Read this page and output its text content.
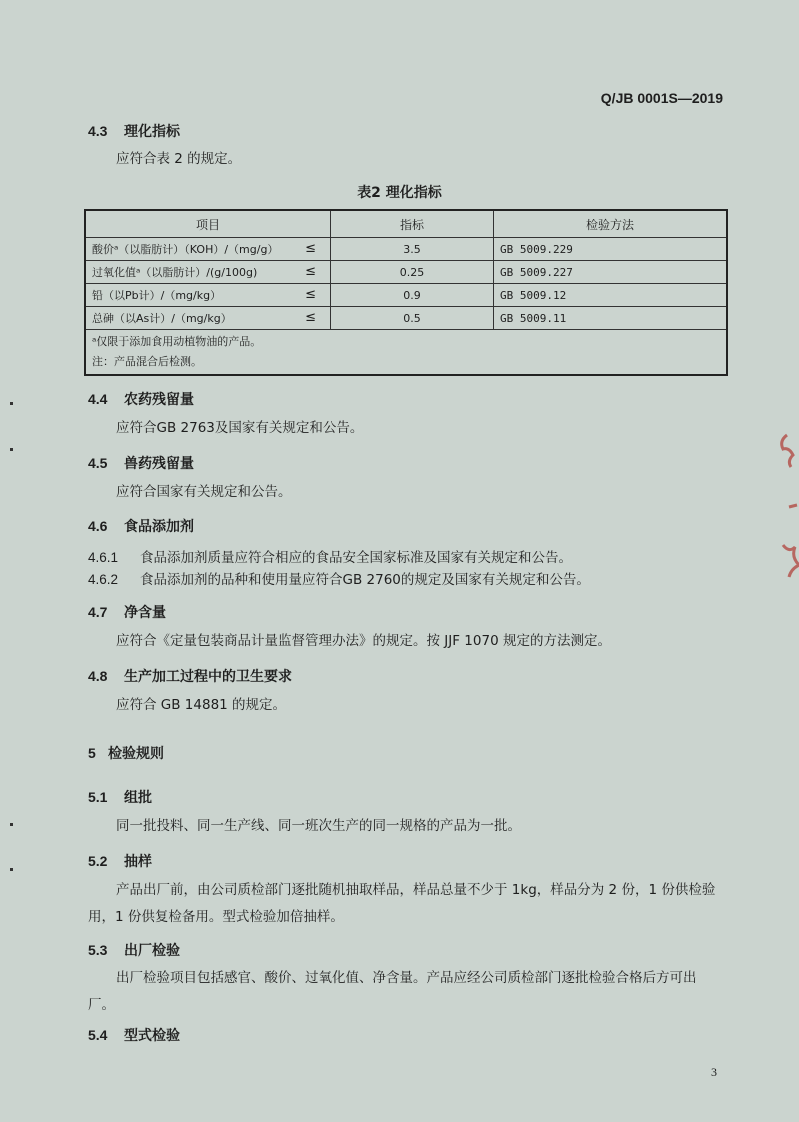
Q/JB 0001S—2019
4.3 理化指标
应符合表 2 的规定。
表2 理化指标
项目	指标	检验方法
酸价ᵃ（以脂肪计）（KOH）/（mg/g） ≤	3.5	GB 5009.229
过氧化值ᵃ（以脂肪计）/(g/100g) ≤	0.25	GB 5009.227
铅（以Pb计）/（mg/kg） ≤	0.9	GB 5009.12
总砷（以As计）/（mg/kg） ≤	0.5	GB 5009.11

ᵃ仅限于添加食用动植物油的产品。
注：产品混合后检测。		
4.4 农药残留量
应符合GB 2763及国家有关规定和公告。
4.5 兽药残留量
应符合国家有关规定和公告。
4.6 食品添加剂
4.6.1 食品添加剂质量应符合相应的食品安全国家标准及国家有关规定和公告。
4.6.2 食品添加剂的品种和使用量应符合GB 2760的规定及国家有关规定和公告。
4.7 净含量
应符合《定量包装商品计量监督管理办法》的规定。按 JJF 1070 规定的方法测定。
4.8 生产加工过程中的卫生要求
应符合 GB 14881 的规定。
5 检验规则
5.1 组批
同一批投料、同一生产线、同一班次生产的同一规格的产品为一批。
5.2 抽样
产品出厂前，由公司质检部门逐批随机抽取样品，样品总量不少于 1kg，样品分为 2 份，1 份供检验用，1 份供复检备用。型式检验加倍抽样。
5.3 出厂检验
出厂检验项目包括感官、酸价、过氧化值、净含量。产品应经公司质检部门逐批检验合格后方可出厂。
5.4 型式检验
3
